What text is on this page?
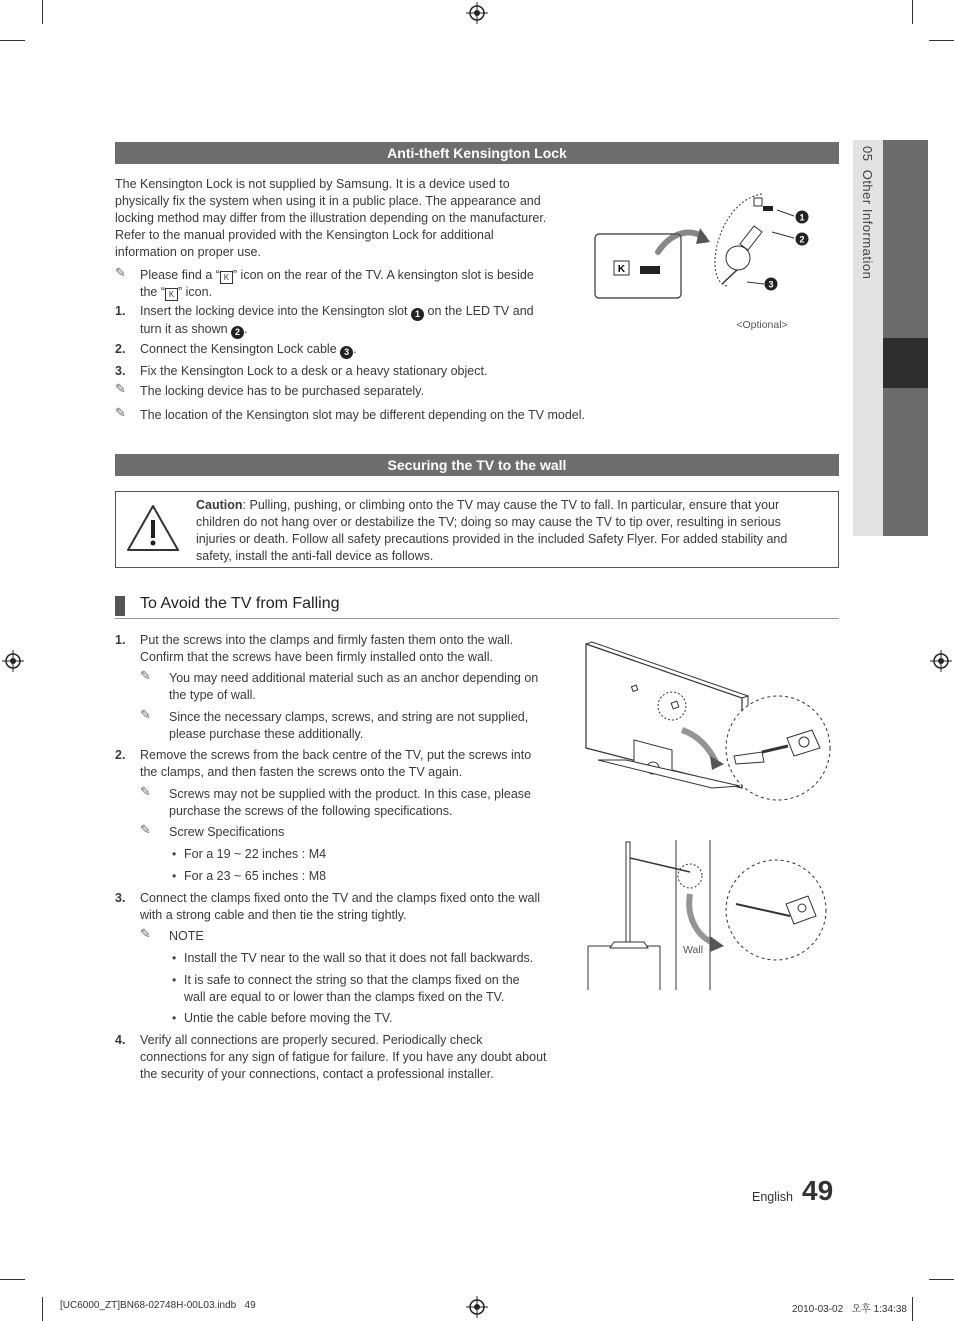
05  Other Information
Anti-theft Kensington Lock
The Kensington Lock is not supplied by Samsung. It is a device used to
physically fix the system when using it in a public place. The appearance and
locking method may differ from the illustration depending on the manufacturer.
Refer to the manual provided with the Kensington Lock for additional
information on proper use.
✎ Please find a “ K ” icon on the rear of the TV. A kensington slot is beside
the “ K ” icon.
1. Insert the locking device into the Kensington slot 1 on the LED TV and
turn it as shown 2 .
2. Connect the Kensington Lock cable 3 .
3. Fix the Kensington Lock to a desk or a heavy stationary object.
✎ The locking device has to be purchased separately.
✎ The location of the Kensington slot may be different depending on the TV model.
K
1
2
3
<Optional>
Securing the TV to the wall
Caution: Pulling, pushing, or climbing onto the TV may cause the TV to fall. In particular, ensure that your
children do not hang over or destabilize the TV; doing so may cause the TV to tip over, resulting in serious
injuries or death. Follow all safety precautions provided in the included Safety Flyer. For added stability and
safety, install the anti-fall device as follows.
To Avoid the TV from Falling
1. Put the screws into the clamps and firmly fasten them onto the wall.
Confirm that the screws have been firmly installed onto the wall.
✎ You may need additional material such as an anchor depending on
the type of wall.
✎ Since the necessary clamps, screws, and string are not supplied,
please purchase these additionally.
2. Remove the screws from the back centre of the TV, put the screws into
the clamps, and then fasten the screws onto the TV again.
✎ Screws may not be supplied with the product. In this case, please
purchase the screws of the following specifications.
✎ Screw Specifications
• For a 19 ~ 22 inches : M4
• For a 23 ~ 65 inches : M8
3. Connect the clamps fixed onto the TV and the clamps fixed onto the wall
with a strong cable and then tie the string tightly.
✎ NOTE
• Install the TV near to the wall so that it does not fall backwards.
• It is safe to connect the string so that the clamps fixed on the
wall are equal to or lower than the clamps fixed on the TV.
• Untie the cable before moving the TV.
4. Verify all connections are properly secured. Periodically check
connections for any sign of fatigue for failure. If you have any doubt about
the security of your connections, contact a professional installer.
Wall
English 49
[UC6000_ZT]BN68-02748H-00L03.indb   49	2010-03-02   오후 1:34:38
